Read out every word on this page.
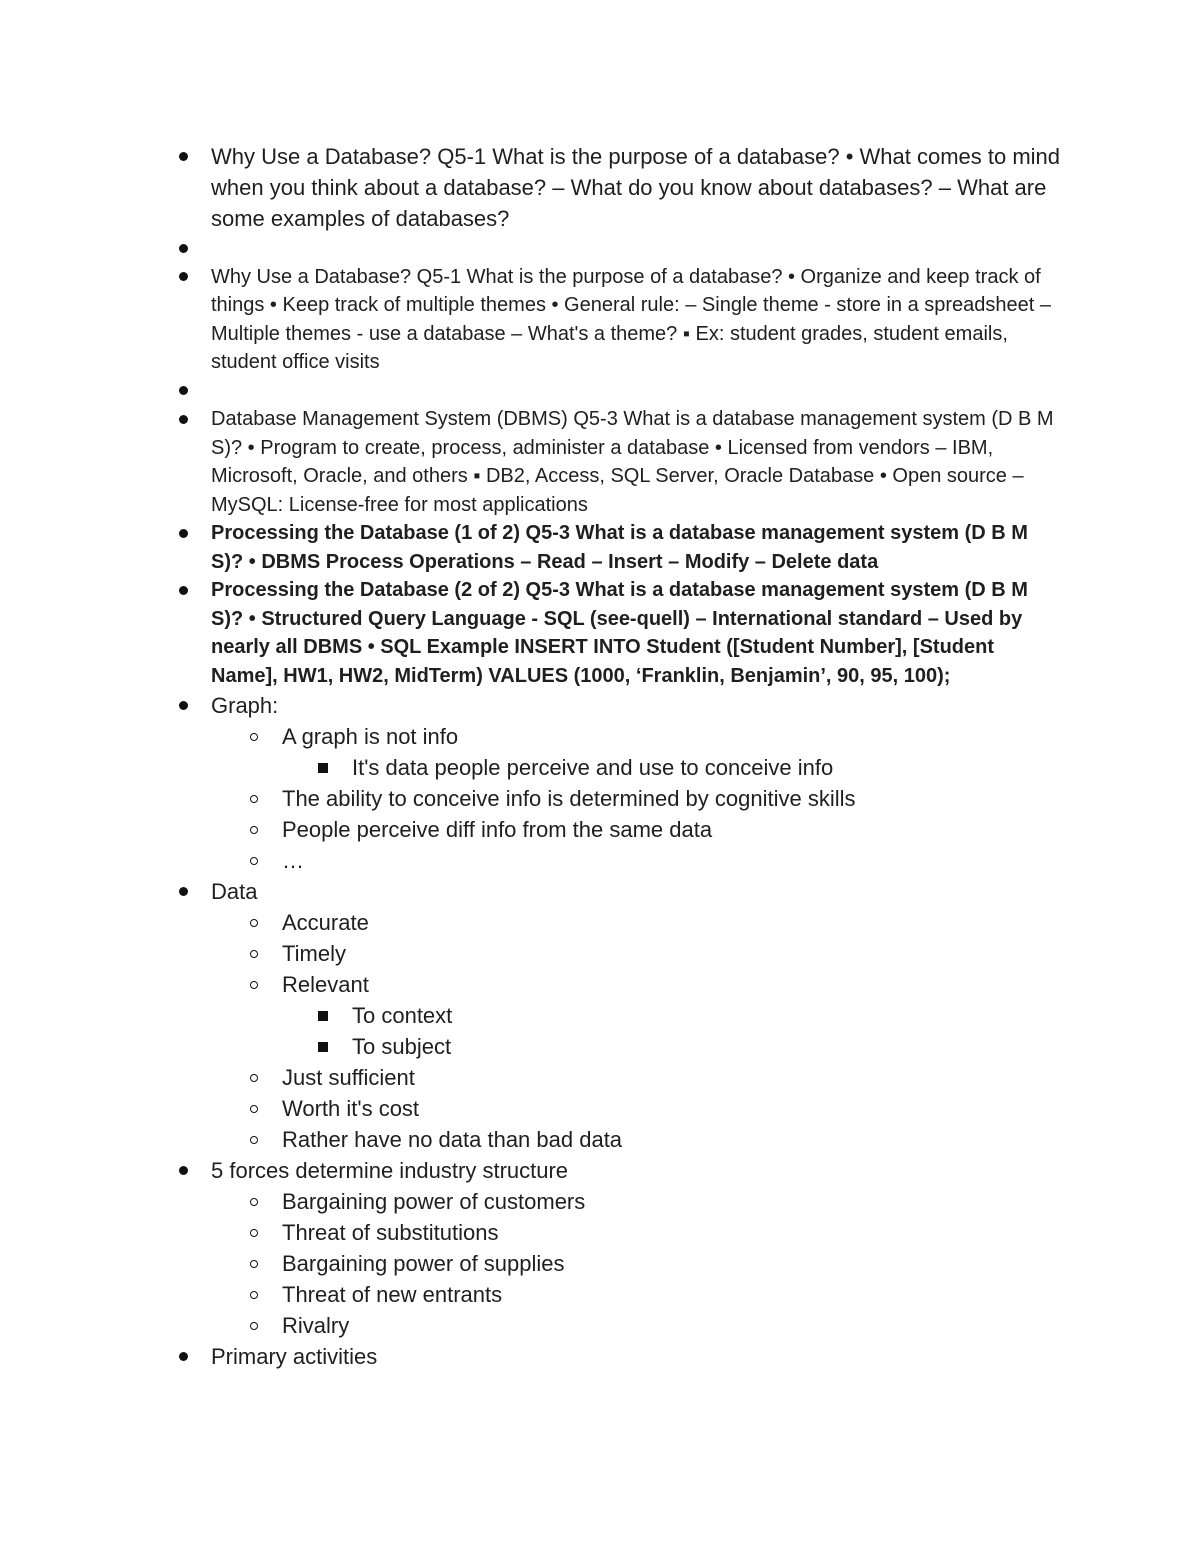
Why Use a Database? Q5-1 What is the purpose of a database? • What comes to mind when you think about a database? – What do you know about databases? – What are some examples of databases?
Why Use a Database? Q5-1 What is the purpose of a database? • Organize and keep track of things • Keep track of multiple themes • General rule: – Single theme - store in a spreadsheet – Multiple themes - use a database – What's a theme? ▪ Ex: student grades, student emails, student office visits
Database Management System (DBMS) Q5-3 What is a database management system (D B M S)? • Program to create, process, administer a database • Licensed from vendors – IBM, Microsoft, Oracle, and others ▪ DB2, Access, SQL Server, Oracle Database • Open source – MySQL: License-free for most applications
Processing the Database (1 of 2) Q5-3 What is a database management system (D B M S)? • DBMS Process Operations – Read – Insert – Modify – Delete data
Processing the Database (2 of 2) Q5-3 What is a database management system (D B M S)? • Structured Query Language - SQL (see-quell) – International standard – Used by nearly all DBMS • SQL Example INSERT INTO Student ([Student Number], [Student Name], HW1, HW2, MidTerm) VALUES (1000, ‘Franklin, Benjamin’, 90, 95, 100);
Graph:
A graph is not info
It's data people perceive and use to conceive info
The ability to conceive info is determined by cognitive skills
People perceive diff info from the same data
…
Data
Accurate
Timely
Relevant
To context
To subject
Just sufficient
Worth it's cost
Rather have no data than bad data
5 forces determine industry structure
Bargaining power of customers
Threat of substitutions
Bargaining power of supplies
Threat of new entrants
Rivalry
Primary activities
